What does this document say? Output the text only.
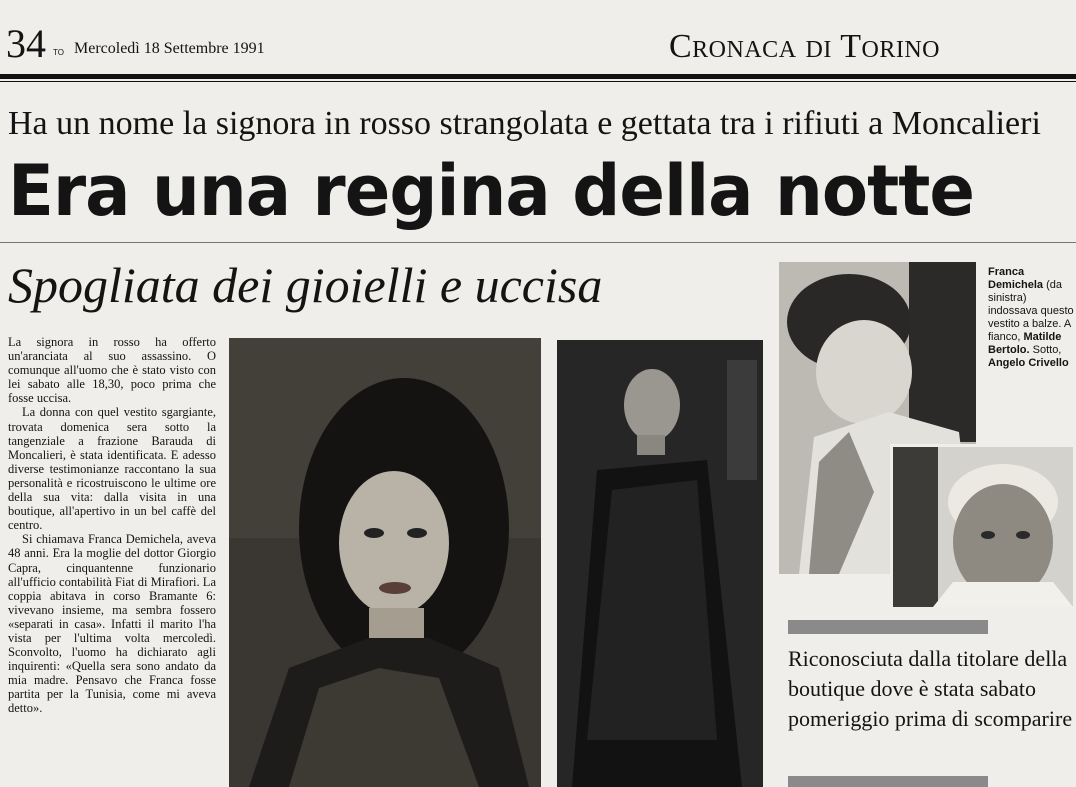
34 TO Mercoledì 18 Settembre 1991	Cronaca di Torino
Ha un nome la signora in rosso strangolata e gettata tra i rifiuti a Moncalieri
Era una regina della notte
Spogliata dei gioielli e uccisa

La signora in rosso ha offerto un'aranciata al suo assassino. O comunque all'uomo che è stato visto con lei sabato alle 18,30, poco prima che fosse uccisa.

La donna con quel vestito sgargiante, trovata domenica sera sotto la tangenziale a frazione Barauda di Moncalieri, è stata identificata. E adesso diverse testimonianze raccontano la sua personalità e ricostruiscono le ultime ore della sua vita: dalla visita in una boutique, all'apertivo in un bel caffè del centro.

Si chiamava Franca Demichela, aveva 48 anni. Era la moglie del dottor Giorgio Capra, cinquantenne funzionario all'ufficio contabilità Fiat di Mirafiori. La coppia abitava in corso Bramante 6: vivevano insieme, ma sembra fossero «separati in casa». Infatti il marito l'ha vista per l'ultima volta mercoledì. Sconvolto, l'uomo ha dichiarato agli inquirenti: «Quella sera sono andato da mia madre. Pensavo che Franca fosse partita per la Tunisia, come mi aveva detto».

Franca Demichela (da sinistra) indossava questo vestito a balze. A fianco, Matilde Bertolo. Sotto, Angelo Crivello
Riconosciuta dalla titolare della boutique dove è stata sabato pomeriggio prima di scomparire
